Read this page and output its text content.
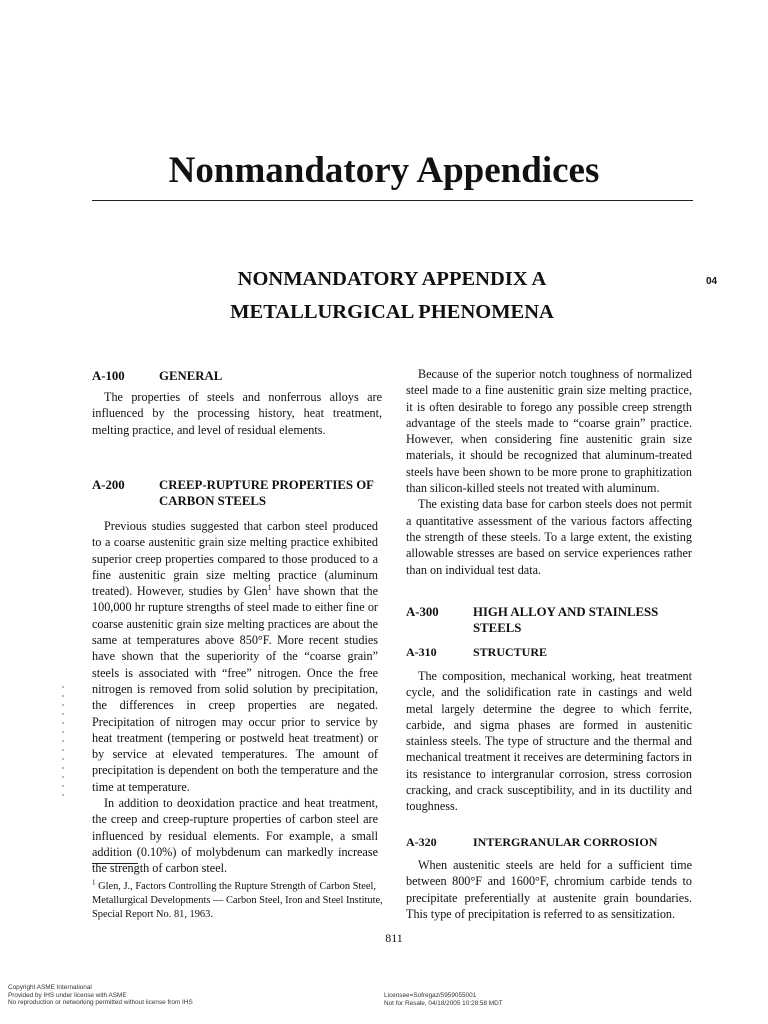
Nonmandatory Appendices
NONMANDATORY APPENDIX A
METALLURGICAL PHENOMENA
04
A-100	GENERAL

The properties of steels and nonferrous alloys are influenced by the processing history, heat treatment, melting practice, and level of residual elements.

A-200	CREEP-RUPTURE PROPERTIES OF CARBON STEELS

Previous studies suggested that carbon steel produced to a coarse austenitic grain size melting practice exhibited superior creep properties compared to those produced to a fine austenitic grain size melting practice (aluminum treated). However, studies by Glen$^1$ have shown that the 100,000 hr rupture strengths of steel made to either fine or coarse austenitic grain size melting practices are about the same at temperatures above 850°F. More recent studies have shown that the superiority of the “coarse grain” steels is associated with “free” nitrogen. Once the free nitrogen is removed from solid solution by precipitation, the differences in creep properties are negated. Precipitation of nitrogen may occur prior to service by heat treatment (tempering or postweld heat treatment) or by service at elevated temperatures. The amount of precipitation is dependent on both the temperature and the time at temperature.

In addition to deoxidation practice and heat treatment, the creep and creep-rupture properties of carbon steel are influenced by residual elements. For example, a small addition (0.10%) of molybdenum can markedly increase the strength of carbon steel.

$^1$ Glen, J., Factors Controlling the Rupture Strength of Carbon Steel, Metallurgical Developments — Carbon Steel, Iron and Steel Institute, Special Report No. 81, 1963.

Because of the superior notch toughness of normalized steel made to a fine austenitic grain size melting practice, it is often desirable to forego any possible creep strength advantage of the steels made to “coarse grain” practice. However, when considering fine austenitic grain size materials, it should be recognized that aluminum-treated steels have been shown to be more prone to graphitization than silicon-killed steels not treated with aluminum.

The existing data base for carbon steels does not permit a quantitative assessment of the various factors affecting the strength of these steels. To a large extent, the existing allowable stresses are based on service experiences rather than on individual test data.

A-300	HIGH ALLOY AND STAINLESS STEELS
A-310	STRUCTURE

The composition, mechanical working, heat treatment cycle, and the solidification rate in castings and weld metal largely determine the degree to which ferrite, carbide, and sigma phases are formed in austenitic stainless steels. The type of structure and the thermal and mechanical treatment it receives are determining factors in its resistance to intergranular corrosion, stress corrosion cracking, and crack susceptibility, and in its ductility and toughness.

A-320	INTERGRANULAR CORROSION

When austenitic steels are held for a sufficient time between 800°F and 1600°F, chromium carbide tends to precipitate preferentially at austenite grain boundaries. This type of precipitation is referred to as sensitization.

811
Copyright ASME International
Provided by IHS under license with ASME
No reproduction or networking permitted without license from IHS
Licensee=Sofregaz/5959055001
Not for Resale, 04/18/2005 10:28:58 MDT
